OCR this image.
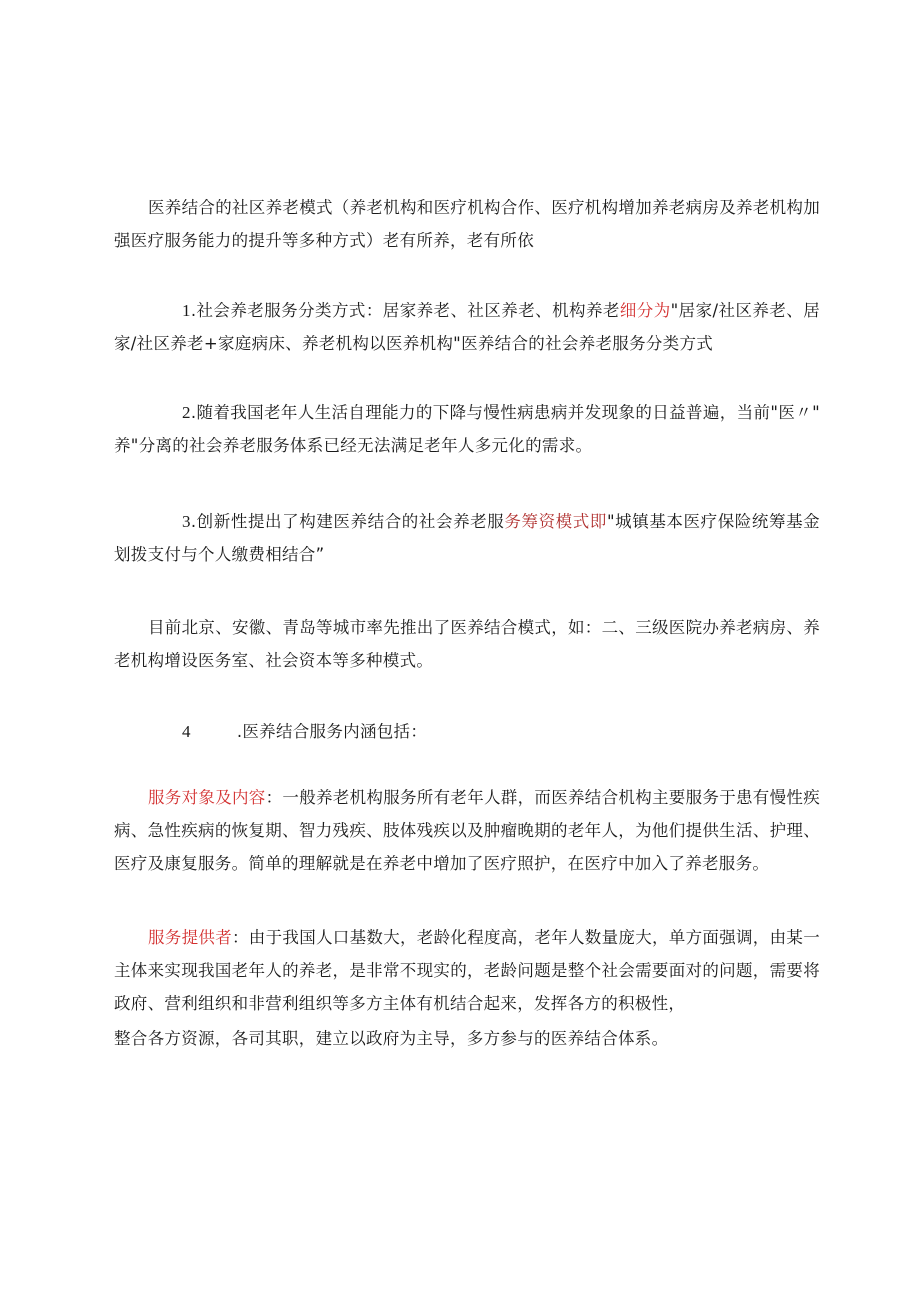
医养结合的社区养老模式（养老机构和医疗机构合作、医疗机构增加养老病房及养老机构加强医疗服务能力的提升等多种方式）老有所养，老有所依

1.社会养老服务分类方式：居家养老、社区养老、机构养老细分为"居家/社区养老、居家/社区养老+家庭病床、养老机构以医养机构"医养结合的社会养老服务分类方式

2.随着我国老年人生活自理能力的下降与慢性病患病并发现象的日益普遍，当前"医〃" 养"分离的社会养老服务体系已经无法满足老年人多元化的需求。

3.创新性提出了构建医养结合的社会养老服务筹资模式即"城镇基本医疗保险统筹基金划拨支付与个人缴费相结合”

目前北京、安徽、青岛等城市率先推出了医养结合模式，如：二、三级医院办养老病房、养老机构增设医务室、社会资本等多种模式。

4	.医养结合服务内涵包括：

服务对象及内容：一般养老机构服务所有老年人群，而医养结合机构主要服务于患有慢性疾病、急性疾病的恢复期、智力残疾、肢体残疾以及肿瘤晚期的老年人，为他们提供生活、护理、医疗及康复服务。简单的理解就是在养老中增加了医疗照护，在医疗中加入了养老服务。

服务提供者：由于我国人口基数大，老龄化程度高，老年人数量庞大，单方面强调，由某一主体来实现我国老年人的养老，是非常不现实的，老龄问题是整个社会需要面对的问题，需要将政府、营利组织和非营利组织等多方主体有机结合起来，发挥各方的积极性，

整合各方资源，各司其职，建立以政府为主导，多方参与的医养结合体系。
